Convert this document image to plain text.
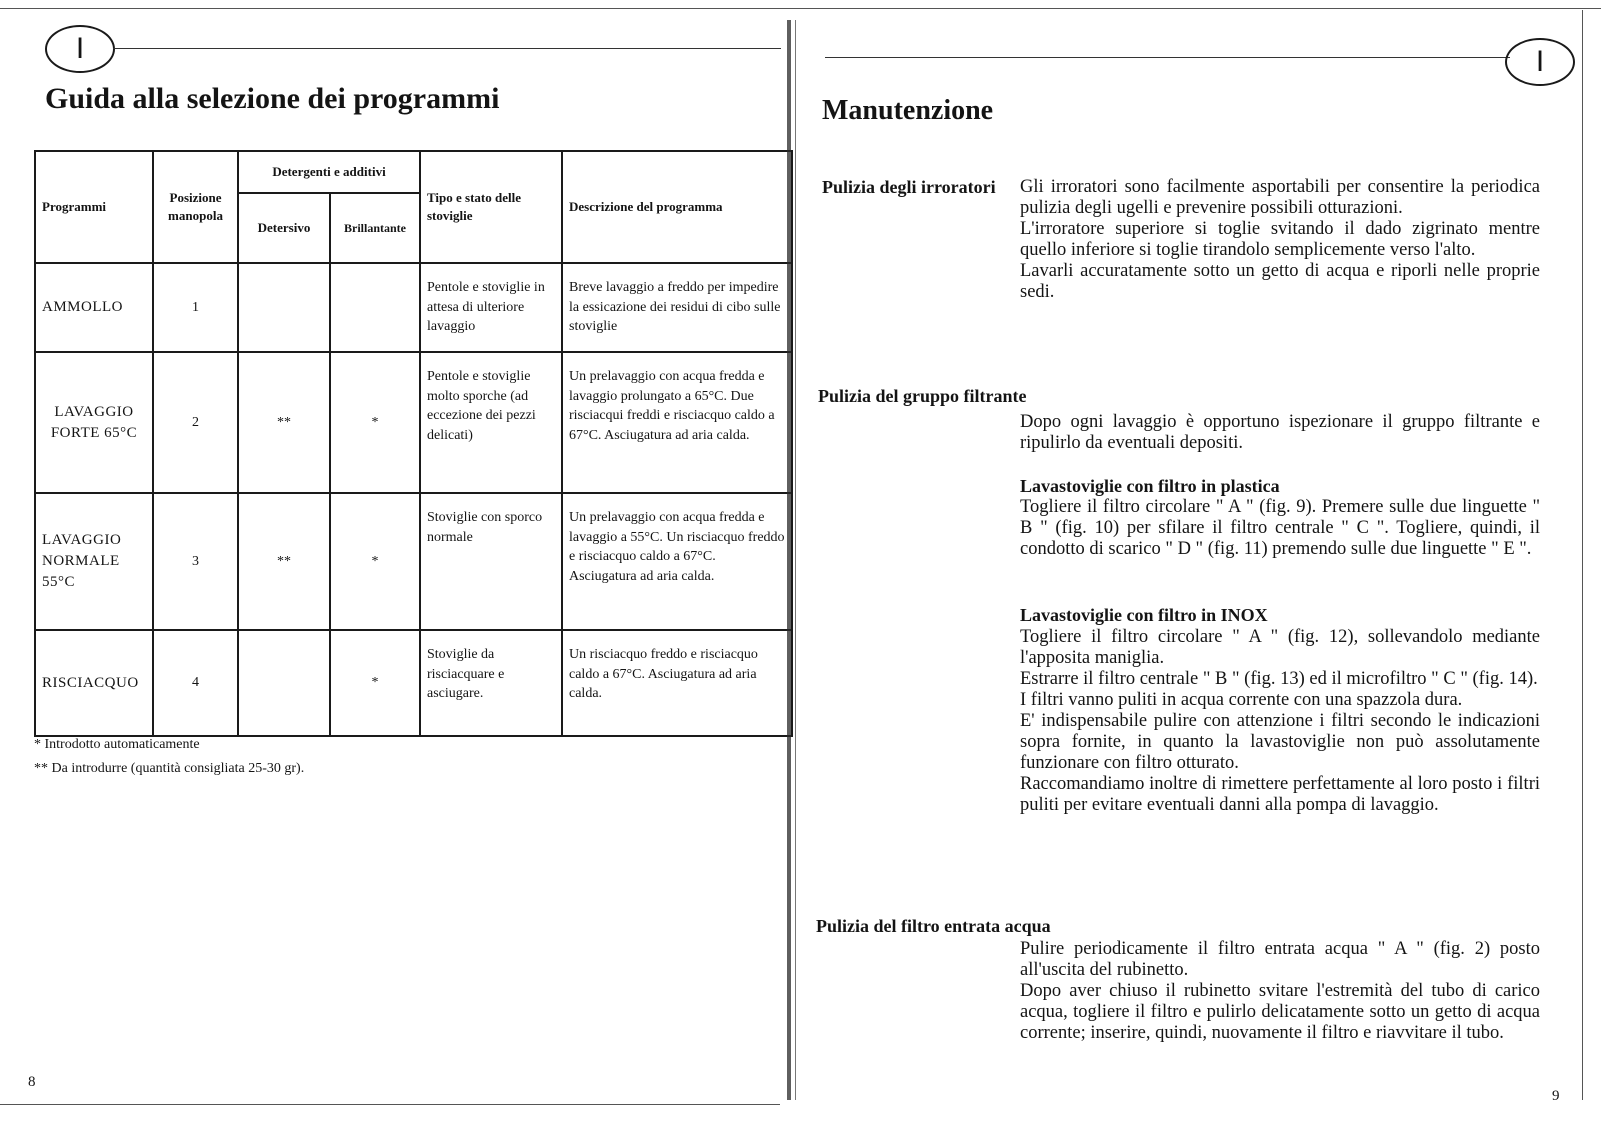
I
Guida alla selezione dei programmi
Programmi	Posizione manopola	Detergenti e additivi		Tipo e stato delle stoviglie	Descrizione del programma
		Detersivo	Brillantante		
AMMOLLO	1			Pentole e stoviglie in attesa di ulteriore lavaggio	Breve lavaggio a freddo per impedire la essicazione dei residui di cibo sulle stoviglie
LAVAGGIO FORTE 65°C	2	**	*	Pentole e stoviglie molto sporche (ad eccezione dei pezzi delicati)	Un prelavaggio con acqua fredda e lavaggio prolungato a 65°C. Due risciacqui freddi e risciacquo caldo a 67°C. Asciugatura ad aria calda.
LAVAGGIO NORMALE 55°C	3	**	*	Stoviglie con sporco normale	Un prelavaggio con acqua fredda e lavaggio a 55°C. Un risciacquo freddo e risciacquo caldo a 67°C. Asciugatura ad aria calda.
RISCIACQUO	4		*	Stoviglie da risciacquare e asciugare.	Un risciacquo freddo e risciacquo caldo a 67°C. Asciugatura ad aria calda.
* Introdotto automaticamente
** Da introdurre (quantità consigliata 25-30 gr).
8
I
Manutenzione
Pulizia degli irroratori Gli irroratori sono facilmente asportabili per consentire la periodica pulizia degli ugelli e prevenire possibili otturazioni.

L'irroratore superiore si toglie svitando il dado zigrinato mentre quello inferiore si toglie tirandolo semplicemente verso l'alto.

Lavarli accuratamente sotto un getto di acqua e riporli nelle proprie sedi.

Pulizia del gruppo filtrante

Dopo ogni lavaggio è opportuno ispezionare il gruppo filtrante e ripulirlo da eventuali depositi.

Lavastoviglie con filtro in plastica

Togliere il filtro circolare " A " (fig. 9). Premere sulle due linguette " B " (fig. 10) per sfilare il filtro centrale " C ". Togliere, quindi, il condotto di scarico " D " (fig. 11) premendo sulle due linguette " E ".

Lavastoviglie con filtro in INOX

Togliere il filtro circolare " A " (fig. 12), sollevandolo mediante l'apposita maniglia.

Estrarre il filtro centrale " B " (fig. 13) ed il microfiltro " C " (fig. 14).

I filtri vanno puliti in acqua corrente con una spazzola dura.

E' indispensabile pulire con attenzione i filtri secondo le indicazioni sopra fornite, in quanto la lavastoviglie non può assolutamente funzionare con filtro otturato.

Raccomandiamo inoltre di rimettere perfettamente al loro posto i filtri puliti per evitare eventuali danni alla pompa di lavaggio.

Pulizia del filtro entrata acqua

Pulire periodicamente il filtro entrata acqua " A " (fig. 2) posto all'uscita del rubinetto.

Dopo aver chiuso il rubinetto svitare l'estremità del tubo di carico acqua, togliere il filtro e pulirlo delicatamente sotto un getto di acqua corrente; inserire, quindi, nuovamente il filtro e riavvitare il tubo.

9
